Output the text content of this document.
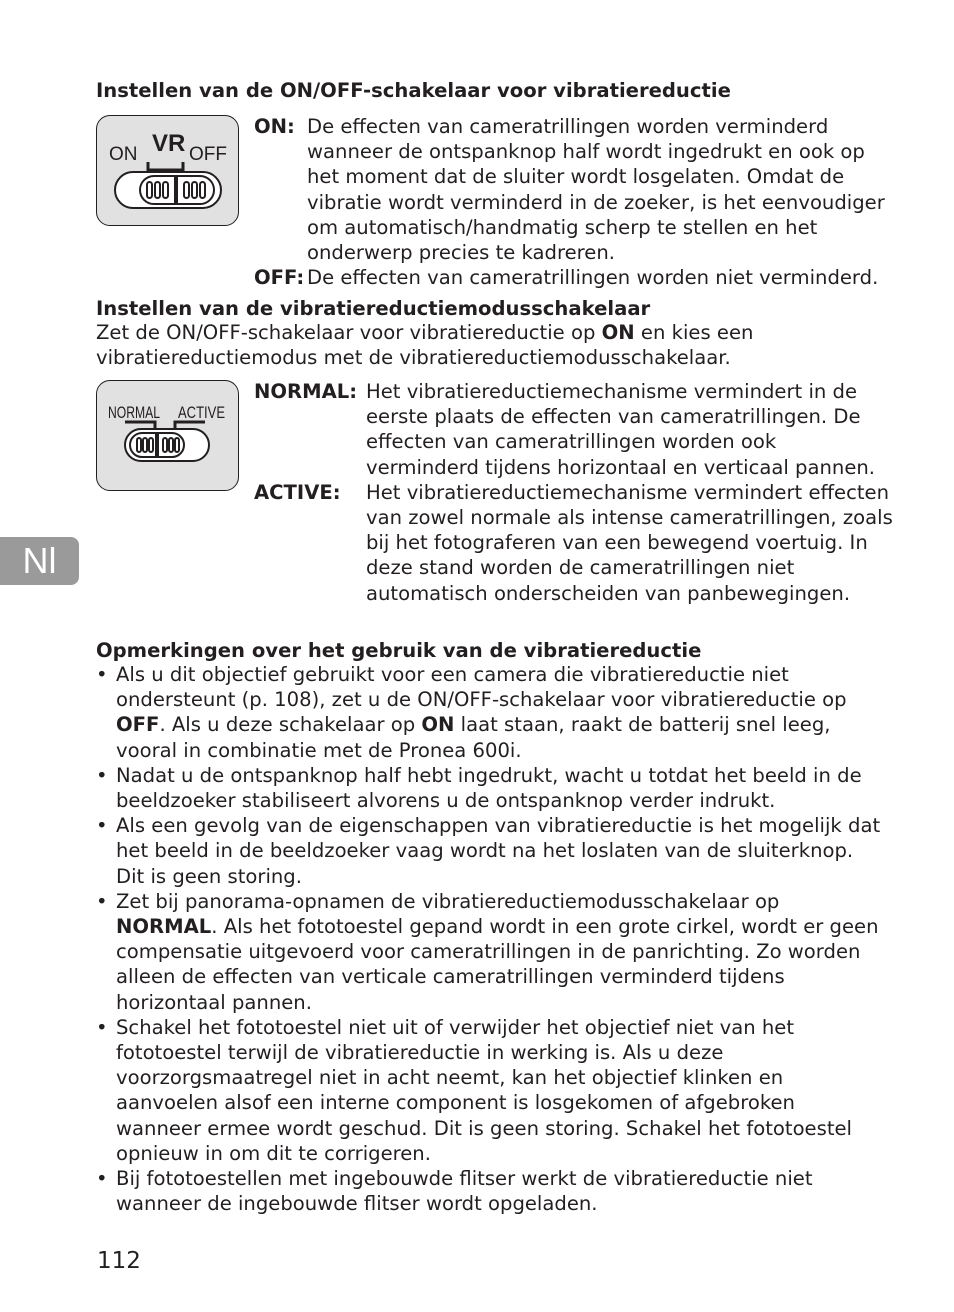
Instellen van de ON/OFF-schakelaar voor vibratiereductie
ON VR OFF
ON: De effecten van cameratrillingen worden verminderd wanneer de ontspanknop half wordt ingedrukt en ook op het moment dat de sluiter wordt losgelaten. Omdat de vibratie wordt verminderd in de zoeker, is het eenvoudiger om automatisch/handmatig scherp te stellen en het onderwerp precies te kadreren.

OFF: De effecten van cameratrillingen worden niet verminderd.

Instellen van de vibratiereductiemodusschakelaar

Zet de ON/OFF-schakelaar voor vibratiereductie op ON en kies een vibratiereductiemodus met de vibratiereductiemodusschakelaar.

NORMAL ACTIVE
NORMAL: Het vibratiereductiemechanisme vermindert in de eerste plaats de effecten van cameratrillingen. De effecten van cameratrillingen worden ook verminderd tijdens horizontaal en verticaal pannen.

ACTIVE: Het vibratiereductiemechanisme vermindert effecten van zowel normale als intense cameratrillingen, zoals bij het fotograferen van een bewegend voertuig. In deze stand worden de cameratrillingen niet automatisch onderscheiden van panbewegingen.

Opmerkingen over het gebruik van de vibratiereductie
• Als u dit objectief gebruikt voor een camera die vibratiereductie niet ondersteunt (p. 108), zet u de ON/OFF-schakelaar voor vibratiereductie op OFF. Als u deze schakelaar op ON laat staan, raakt de batterij snel leeg, vooral in combinatie met de Pronea 600i.
• Nadat u de ontspanknop half hebt ingedrukt, wacht u totdat het beeld in de beeldzoeker stabiliseert alvorens u de ontspanknop verder indrukt.
• Als een gevolg van de eigenschappen van vibratiereductie is het mogelijk dat het beeld in de beeldzoeker vaag wordt na het loslaten van de sluiterknop. Dit is geen storing.
• Zet bij panorama-opnamen de vibratiereductiemodusschakelaar op NORMAL. Als het fototoestel gepand wordt in een grote cirkel, wordt er geen compensatie uitgevoerd voor cameratrillingen in de panrichting. Zo worden alleen de effecten van verticale cameratrillingen verminderd tijdens horizontaal pannen.
• Schakel het fototoestel niet uit of verwijder het objectief niet van het fototoestel terwijl de vibratiereductie in werking is. Als u deze voorzorgsmaatregel niet in acht neemt, kan het objectief klinken en aanvoelen alsof een interne component is losgekomen of afgebroken wanneer ermee wordt geschud. Dit is geen storing. Schakel het fototoestel opnieuw in om dit te corrigeren.
• Bij fototoestellen met ingebouwde flitser werkt de vibratiereductie niet wanneer de ingebouwde flitser wordt opgeladen.
Nl
112
